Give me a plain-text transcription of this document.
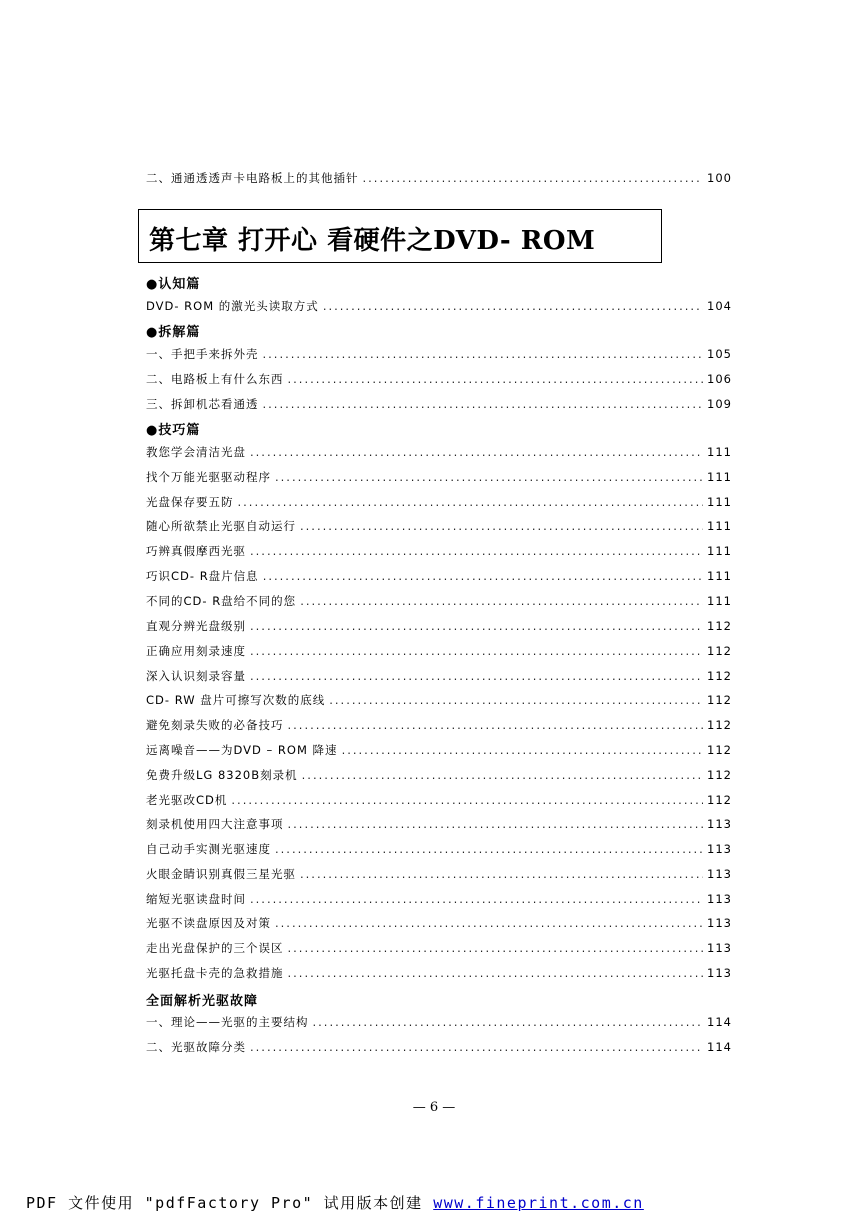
二、通通透透声卡电路板上的其他插针 .....	100
第七章 打开心 看硬件之DVD- ROM
●认知篇
DVD- ROM 的激光头读取方式 .....	104
●拆解篇
一、手把手来拆外壳 .....	105
二、电路板上有什么东西 .....	106
三、拆卸机芯看通透 .....	109
●技巧篇
教您学会清洁光盘 .....	111
找个万能光驱驱动程序 .....	111
光盘保存要五防 .....	111
随心所欲禁止光驱自动运行 .....	111
巧辨真假摩西光驱 .....	111
巧识CD- R盘片信息 .....	111
不同的CD- R盘给不同的您 .....	111
直观分辨光盘级别 .....	112
正确应用刻录速度 .....	112
深入认识刻录容量 .....	112
CD- RW 盘片可擦写次数的底线 .....	112
避免刻录失败的必备技巧 .....	112
远离噪音——为DVD – ROM 降速 .....	112
免费升级LG 8320B刻录机 .....	112
老光驱改CD机 .....	112
刻录机使用四大注意事项 .....	113
自己动手实测光驱速度 .....	113
火眼金睛识别真假三星光驱 .....	113
缩短光驱读盘时间 .....	113
光驱不读盘原因及对策 .....	113
走出光盘保护的三个误区 .....	113
光驱托盘卡壳的急救措施 .....	113
全面解析光驱故障
一、理论——光驱的主要结构 .....	114
二、光驱故障分类 .....	114
— 6 —
PDF 文件使用 "pdfFactory Pro" 试用版本创建 www.fineprint.com.cn
